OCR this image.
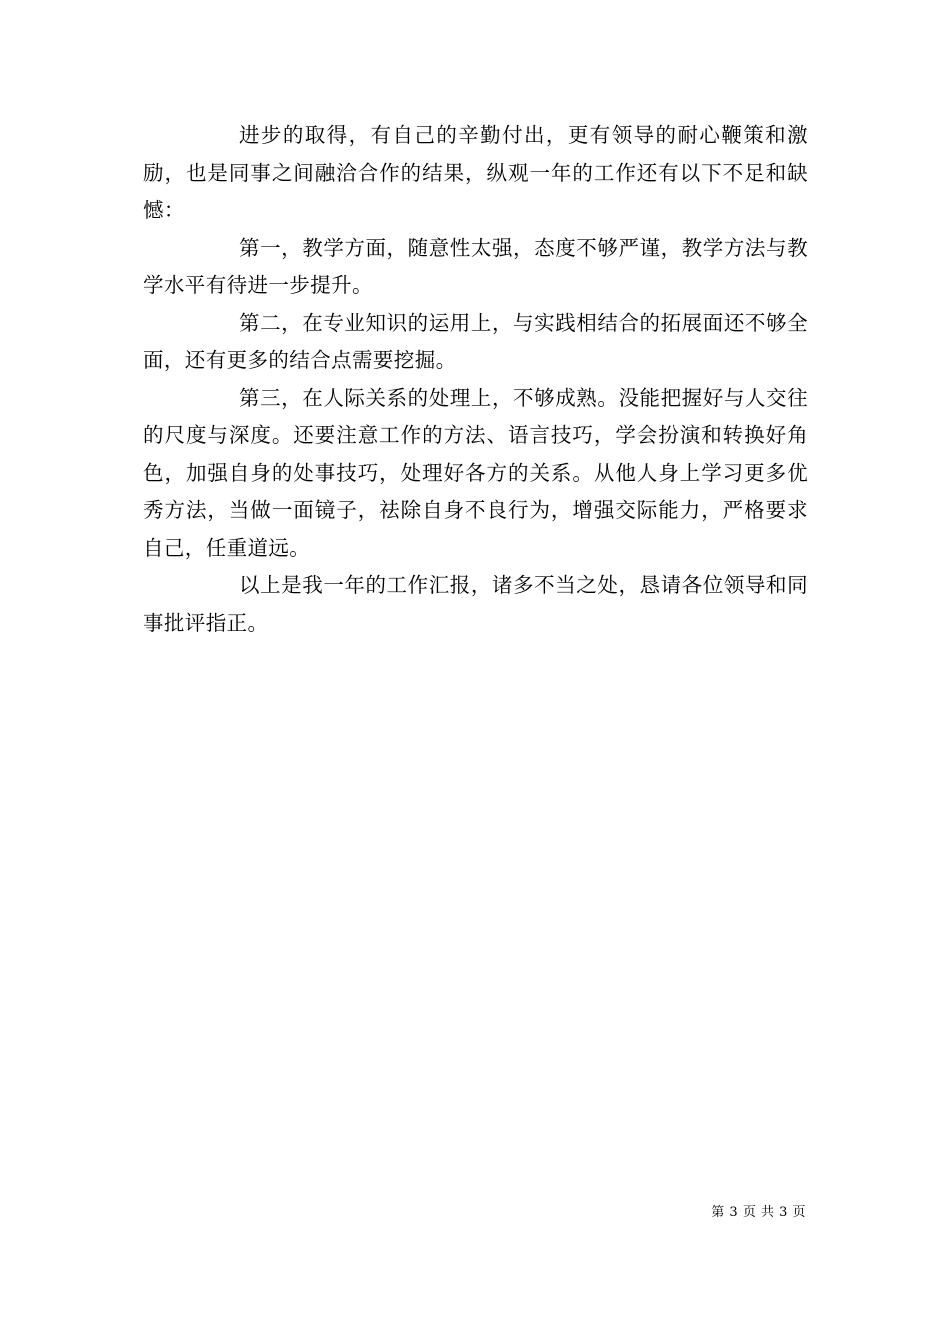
进步的取得，有自己的辛勤付出，更有领导的耐心鞭策和激励，也是同事之间融洽合作的结果，纵观一年的工作还有以下不足和缺憾：

第一，教学方面，随意性太强，态度不够严谨，教学方法与教学水平有待进一步提升。

第二，在专业知识的运用上，与实践相结合的拓展面还不够全面，还有更多的结合点需要挖掘。

第三，在人际关系的处理上，不够成熟。没能把握好与人交往的尺度与深度。还要注意工作的方法、语言技巧，学会扮演和转换好角色，加强自身的处事技巧，处理好各方的关系。从他人身上学习更多优秀方法，当做一面镜子，祛除自身不良行为，增强交际能力，严格要求自己，任重道远。

以上是我一年的工作汇报，诸多不当之处，恳请各位领导和同事批评指正。

第 3 页 共 3 页
